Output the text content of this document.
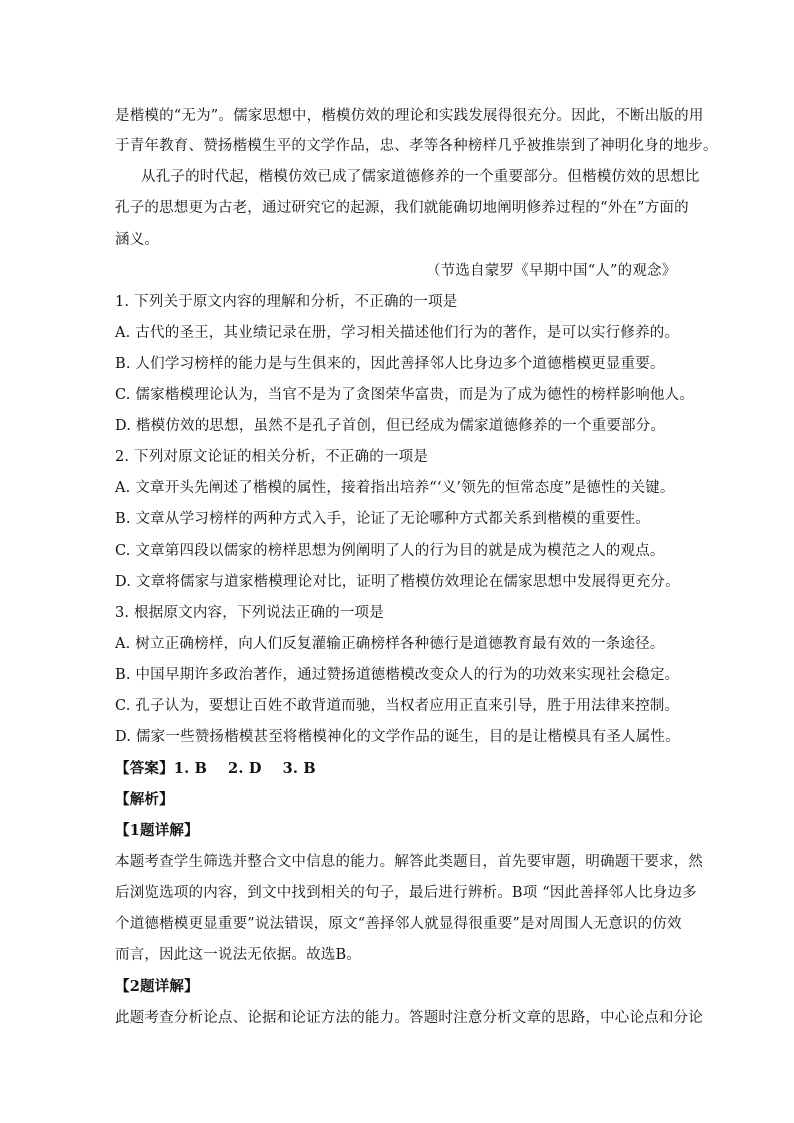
是楷模的“无为”。儒家思想中，楷模仿效的理论和实践发展得很充分。因此，不断出版的用
于青年教育、赞扬楷模生平的文学作品，忠、孝等各种榜样几乎被推崇到了神明化身的地步。
从孔子的时代起，楷模仿效已成了儒家道德修养的一个重要部分。但楷模仿效的思想比
孔子的思想更为古老，通过研究它的起源，我们就能确切地阐明修养过程的“外在”方面的
涵义。
（节选自蒙罗《早期中国“人”的观念》
1. 下列关于原文内容的理解和分析，不正确的一项是
A. 古代的圣王，其业绩记录在册，学习相关描述他们行为的著作，是可以实行修养的。
B. 人们学习榜样的能力是与生俱来的，因此善择邻人比身边多个道德楷模更显重要。
C. 儒家楷模理论认为，当官不是为了贪图荣华富贵，而是为了成为德性的榜样影响他人。
D. 楷模仿效的思想，虽然不是孔子首创，但已经成为儒家道德修养的一个重要部分。
2. 下列对原文论证的相关分析，不正确的一项是
A. 文章开头先阐述了楷模的属性，接着指出培养“‘义’领先的恒常态度”是德性的关键。
B. 文章从学习榜样的两种方式入手，论证了无论哪种方式都关系到楷模的重要性。
C. 文章第四段以儒家的榜样思想为例阐明了人的行为目的就是成为模范之人的观点。
D. 文章将儒家与道家楷模理论对比，证明了楷模仿效理论在儒家思想中发展得更充分。
3. 根据原文内容，下列说法正确的一项是
A. 树立正确榜样，向人们反复灌输正确榜样各种德行是道德教育最有效的一条途径。
B. 中国早期许多政治著作，通过赞扬道德楷模改变众人的行为的功效来实现社会稳定。
C. 孔子认为，要想让百姓不敢背道而驰，当权者应用正直来引导，胜于用法律来控制。
D. 儒家一些赞扬楷模甚至将楷模神化的文学作品的诞生，目的是让楷模具有圣人属性。
【答案】1. B    2. D    3. B
【解析】
【1题详解】
本题考查学生筛选并整合文中信息的能力。解答此类题目，首先要审题，明确题干要求，然
后浏览选项的内容，到文中找到相关的句子，最后进行辨析。B项 “因此善择邻人比身边多
个道德楷模更显重要”说法错误，原文“善择邻人就显得很重要”是对周围人无意识的仿效
而言，因此这一说法无依据。故选B。
【2题详解】
此题考查分析论点、论据和论证方法的能力。答题时注意分析文章的思路，中心论点和分论
